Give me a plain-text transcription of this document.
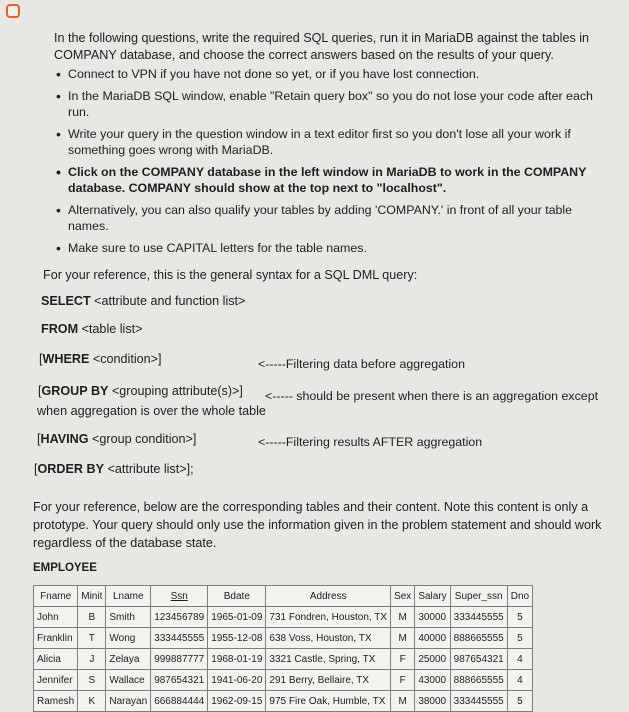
In the following questions, write the required SQL queries, run it in MariaDB against the tables in COMPANY database, and choose the correct answers based on the results of your query.
• Connect to VPN if you have not done so yet, or if you have lost connection.
• In the MariaDB SQL window, enable "Retain query box" so you do not lose your code after each run.
• Write your query in the question window in a text editor first so you don't lose all your work if something goes wrong with MariaDB.
• Click on the COMPANY database in the left window in MariaDB to work in the COMPANY database. COMPANY should show at the top next to "localhost".
• Alternatively, you can also qualify your tables by adding 'COMPANY.' in front of all your table names.
• Make sure to use CAPITAL letters for the table names.
For your reference, this is the general syntax for a SQL DML query:
SELECT <attribute and function list>
FROM <table list>
[WHERE <condition>]	<-----Filtering data before aggregation
[GROUP BY <grouping attribute(s)>] <----- should be present when there is an aggregation except
when aggregation is over the whole table
[HAVING <group condition>]	<-----Filtering results AFTER aggregation
[ORDER BY <attribute list>];
For your reference, below are the corresponding tables and their content. Note this content is only a prototype. Your query should only use the information given in the problem statement and should work regardless of the database state.
EMPLOYEE
Fname	Minit	Lname	Ssn	Bdate	Address	Sex	Salary	Super_ssn	Dno
John	B	Smith	123456789	1965-01-09	731 Fondren, Houston, TX	M	30000	333445555	5
Franklin	T	Wong	333445555	1955-12-08	638 Voss, Houston, TX	M	40000	888665555	5
Alicia	J	Zelaya	999887777	1968-01-19	3321 Castle, Spring, TX	F	25000	987654321	4
Jennifer	S	Wallace	987654321	1941-06-20	291 Berry, Bellaire, TX	F	43000	888665555	4
Ramesh	K	Narayan	666884444	1962-09-15	975 Fire Oak, Humble, TX	M	38000	333445555	5
